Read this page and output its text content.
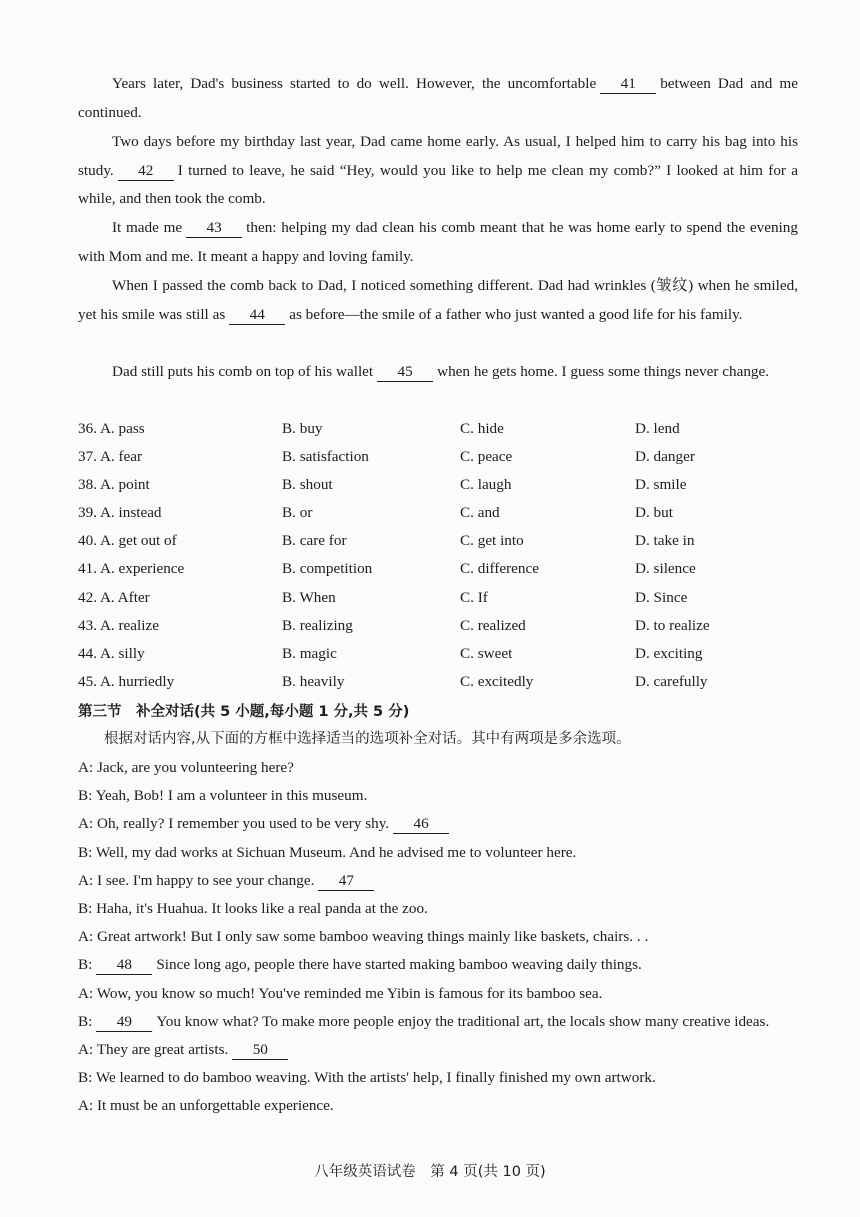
Years later, Dad's business started to do well. However, the uncomfortable 41 between Dad and me continued.
Two days before my birthday last year, Dad came home early. As usual, I helped him to carry his bag into his study. 42 I turned to leave, he said “Hey, would you like to help me clean my comb?” I looked at him for a while, and then took the comb.
It made me 43 then: helping my dad clean his comb meant that he was home early to spend the evening with Mom and me. It meant a happy and loving family.
When I passed the comb back to Dad, I noticed something different. Dad had wrinkles (皱纹) when he smiled, yet his smile was still as 44 as before—the smile of a father who just wanted a good life for his family.
Dad still puts his comb on top of his wallet 45 when he gets home. I guess some things never change.
36. A. pass	B. buy	C. hide	D. lend
37. A. fear	B. satisfaction	C. peace	D. danger
38. A. point	B. shout	C. laugh	D. smile
39. A. instead	B. or	C. and	D. but
40. A. get out of	B. care for	C. get into	D. take in
41. A. experience	B. competition	C. difference	D. silence
42. A. After	B. When	C. If	D. Since
43. A. realize	B. realizing	C. realized	D. to realize
44. A. silly	B. magic	C. sweet	D. exciting
45. A. hurriedly	B. heavily	C. excitedly	D. carefully
第三节　补全对话(共 5 小题,每小题 1 分,共 5 分)
根据对话内容,从下面的方框中选择适当的选项补全对话。其中有两项是多余选项。
A: Jack, are you volunteering here?
B: Yeah, Bob! I am a volunteer in this museum.
A: Oh, really? I remember you used to be very shy. 46
B: Well, my dad works at Sichuan Museum. And he advised me to volunteer here.
A: I see. I'm happy to see your change. 47
B: Haha, it's Huahua. It looks like a real panda at the zoo.
A: Great artwork! But I only saw some bamboo weaving things mainly like baskets, chairs. . .
B: 48 Since long ago, people there have started making bamboo weaving daily things.
A: Wow, you know so much! You've reminded me Yibin is famous for its bamboo sea.
B: 49 You know what? To make more people enjoy the traditional art, the locals show many creative ideas.
A: They are great artists. 50
B: We learned to do bamboo weaving. With the artists' help, I finally finished my own artwork.
A: It must be an unforgettable experience.
八年级英语试卷　第 4 页(共 10 页)
